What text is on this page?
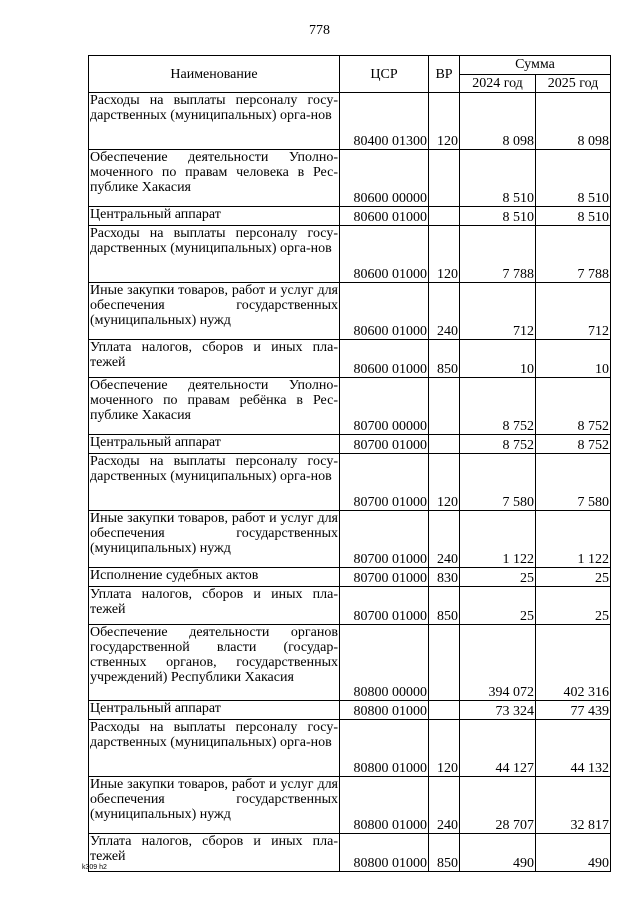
778
Наименование	ЦСР	ВР	Сумма	
			2024 год	2025 год
Расходы на выплаты персоналу госу-дарственных (муниципальных) орга-нов	80400 01300	120	8 098	8 098
Обеспечение деятельности Уполно-моченного по правам человека в Рес-публике Хакасия	80600 00000		8 510	8 510
Центральный аппарат	80600 01000		8 510	8 510
Расходы на выплаты персоналу госу-дарственных (муниципальных) орга-нов	80600 01000	120	7 788	7 788
Иные закупки товаров, работ и услуг для обеспечения государственных (муниципальных) нужд	80600 01000	240	712	712
Уплата налогов, сборов и иных пла-тежей	80600 01000	850	10	10
Обеспечение деятельности Уполно-моченного по правам ребёнка в Рес-публике Хакасия	80700 00000		8 752	8 752
Центральный аппарат	80700 01000		8 752	8 752
Расходы на выплаты персоналу госу-дарственных (муниципальных) орга-нов	80700 01000	120	7 580	7 580
Иные закупки товаров, работ и услуг для обеспечения государственных (муниципальных) нужд	80700 01000	240	1 122	1 122
Исполнение судебных актов	80700 01000	830	25	25
Уплата налогов, сборов и иных пла-тежей	80700 01000	850	25	25
Обеспечение деятельности органов государственной власти (государ-ственных органов, государственных учреждений) Республики Хакасия	80800 00000		394 072	402 316
Центральный аппарат	80800 01000		73 324	77 439
Расходы на выплаты персоналу госу-дарственных (муниципальных) орга-нов	80800 01000	120	44 127	44 132
Иные закупки товаров, работ и услуг для обеспечения государственных (муниципальных) нужд	80800 01000	240	28 707	32 817
Уплата налогов, сборов и иных пла-тежей	80800 01000	850	490	490
k309 h2
